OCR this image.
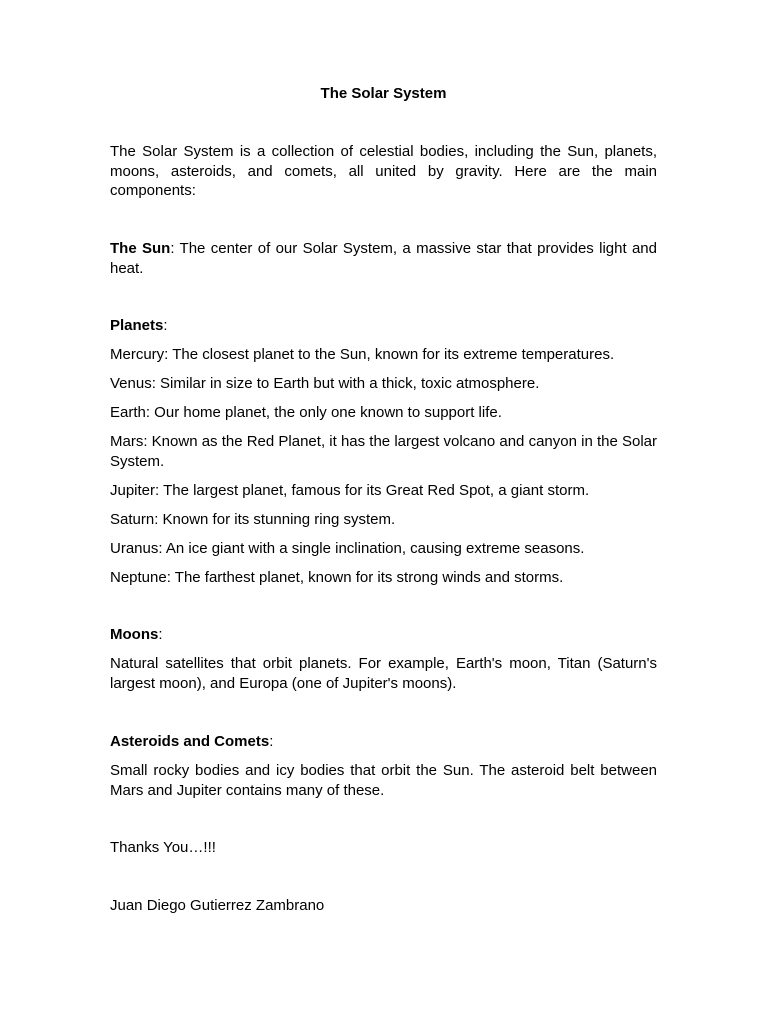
The Solar System

The Solar System is a collection of celestial bodies, including the Sun, planets, moons, asteroids, and comets, all united by gravity. Here are the main components:

The Sun: The center of our Solar System, a massive star that provides light and heat.

Planets:

Mercury: The closest planet to the Sun, known for its extreme temperatures.

Venus: Similar in size to Earth but with a thick, toxic atmosphere.

Earth: Our home planet, the only one known to support life.

Mars: Known as the Red Planet, it has the largest volcano and canyon in the Solar System.

Jupiter: The largest planet, famous for its Great Red Spot, a giant storm.

Saturn: Known for its stunning ring system.

Uranus: An ice giant with a single inclination, causing extreme seasons.

Neptune: The farthest planet, known for its strong winds and storms.

Moons:

Natural satellites that orbit planets. For example, Earth's moon, Titan (Saturn's largest moon), and Europa (one of Jupiter's moons).

Asteroids and Comets:

Small rocky bodies and icy bodies that orbit the Sun. The asteroid belt between Mars and Jupiter contains many of these.

Thanks You…!!!

Juan Diego Gutierrez Zambrano
